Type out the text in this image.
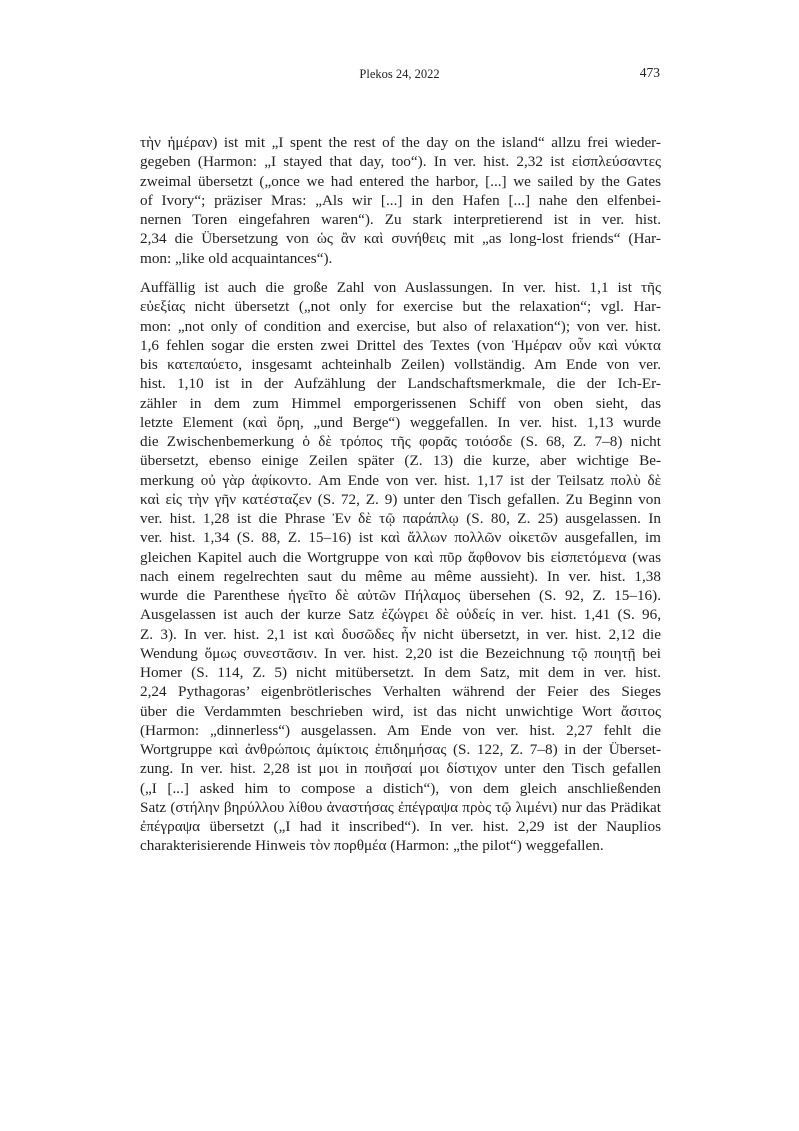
Plekos 24, 2022	473
τὴν ἡμέραν) ist mit „I spent the rest of the day on the island“ allzu frei wieder-
gegeben (Harmon: „I stayed that day, too“). In ver. hist. 2,32 ist εἰσπλεύσαντες
zweimal übersetzt („once we had entered the harbor, [...] we sailed by the Gates
of Ivory“; präziser Mras: „Als wir [...] in den Hafen [...] nahe den elfenbei-
nernen Toren eingefahren waren“). Zu stark interpretierend ist in ver. hist.
2,34 die Übersetzung von ὡς ἂν καὶ συνήθεις mit „as long-lost friends“ (Har-
mon: „like old acquaintances“).
Auffällig ist auch die große Zahl von Auslassungen. In ver. hist. 1,1 ist τῆς
εὐεξίας nicht übersetzt („not only for exercise but the relaxation“; vgl. Har-
mon: „not only of condition and exercise, but also of relaxation“); von ver. hist.
1,6 fehlen sogar die ersten zwei Drittel des Textes (von Ἡμέραν οὖν καὶ νύκτα
bis κατεπαύετο, insgesamt achteinhalb Zeilen) vollständig. Am Ende von ver.
hist. 1,10 ist in der Aufzählung der Landschaftsmerkmale, die der Ich-Er-
zähler in dem zum Himmel emporgerissenen Schiff von oben sieht, das
letzte Element (καὶ ὄρη, „und Berge“) weggefallen. In ver. hist. 1,13 wurde
die Zwischenbemerkung ὁ δὲ τρόπος τῆς φορᾶς τοιόσδε (S. 68, Z. 7–8) nicht
übersetzt, ebenso einige Zeilen später (Z. 13) die kurze, aber wichtige Be-
merkung οὐ γὰρ ἀφίκοντο. Am Ende von ver. hist. 1,17 ist der Teilsatz πολὺ δὲ
καὶ εἰς τὴν γῆν κατέσταζεν (S. 72, Z. 9) unter den Tisch gefallen. Zu Beginn von
ver. hist. 1,28 ist die Phrase Ἐν δὲ τῷ παράπλῳ (S. 80, Z. 25) ausgelassen. In
ver. hist. 1,34 (S. 88, Z. 15–16) ist καὶ ἄλλων πολλῶν οἰκετῶν ausgefallen, im
gleichen Kapitel auch die Wortgruppe von καὶ πῦρ ἄφθονον bis εἰσπετόμενα (was
nach einem regelrechten saut du même au même aussieht). In ver. hist. 1,38
wurde die Parenthese ἡγεῖτο δὲ αὐτῶν Πήλαμος übersehen (S. 92, Z. 15–16).
Ausgelassen ist auch der kurze Satz ἐζώγρει δὲ οὐδείς in ver. hist. 1,41 (S. 96,
Z. 3). In ver. hist. 2,1 ist καὶ δυσῶδες ἦν nicht übersetzt, in ver. hist. 2,12 die
Wendung ὅμως συνεστᾶσιν. In ver. hist. 2,20 ist die Bezeichnung τῷ ποιητῇ bei
Homer (S. 114, Z. 5) nicht mitübersetzt. In dem Satz, mit dem in ver. hist.
2,24 Pythagoras’ eigenbrötlerisches Verhalten während der Feier des Sieges
über die Verdammten beschrieben wird, ist das nicht unwichtige Wort ἄσιτος
(Harmon: „dinnerless“) ausgelassen. Am Ende von ver. hist. 2,27 fehlt die
Wortgruppe καὶ ἀνθρώποις ἀμίκτοις ἐπιδημήσας (S. 122, Z. 7–8) in der Überset-
zung. In ver. hist. 2,28 ist μοι in ποιῆσαί μοι δίστιχον unter den Tisch gefallen
(„I [...] asked him to compose a distich“), von dem gleich anschließenden
Satz (στήλην βηρύλλου λίθου ἀναστήσας ἐπέγραψα πρὸς τῷ λιμένι) nur das Prädikat
ἐπέγραψα übersetzt („I had it inscribed“). In ver. hist. 2,29 ist der Nauplios
charakterisierende Hinweis τὸν πορθμέα (Harmon: „the pilot“) weggefallen.
